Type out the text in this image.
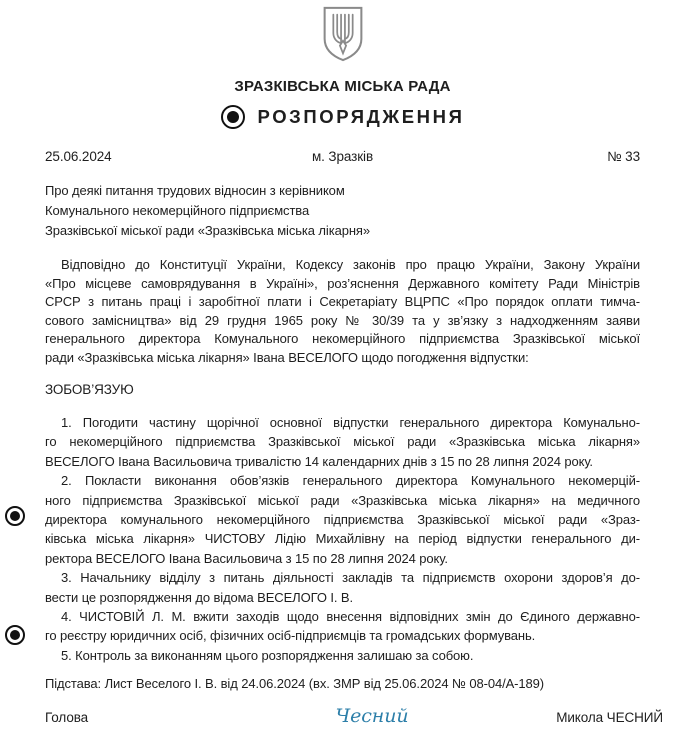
ЗРАЗКІВСЬКА МІСЬКА РАДА
РОЗПОРЯДЖЕННЯ
25.06.2024	м. Зразків	№ 33
Про деякі питання трудових відносин з керівником
Комунального некомерційного підприємства
Зразківської міської ради «Зразківська міська лікарня»
Відповідно до Конституції України, Кодексу законів про працю України, Закону України
«Про місцеве самоврядування в Україні», роз’яснення Державного комітету Ради Міністрів
СРСР з питань праці і заробітної плати і Секретаріату ВЦРПС «Про порядок оплати тимча-
сового замісництва» від 29 грудня 1965 року № 30/39 та у зв’язку з надходженням заяви
генерального директора Комунального некомерційного підприємства Зразківської міської
ради «Зразківська міська лікарня» Івана ВЕСЕЛОГО щодо погодження відпустки:
ЗОБОВ’ЯЗУЮ
1. Погодити частину щорічної основної відпустки генерального директора Комунально-
го некомерційного підприємства Зразківської міської ради «Зразківська міська лікарня»
ВЕСЕЛОГО Івана Васильовича тривалістю 14 календарних днів з 15 по 28 липня 2024 року.
2. Покласти виконання обов’язків генерального директора Комунального некомерцій-
ного підприємства Зразківської міської ради «Зразківська міська лікарня» на медичного
директора комунального некомерційного підприємства Зразківської міської ради «Зраз-
ківська міська лікарня» ЧИСТОВУ Лідію Михайлівну на період відпустки генерального ди-
ректора ВЕСЕЛОГО Івана Васильовича з 15 по 28 липня 2024 року.
3. Начальнику відділу з питань діяльності закладів та підприємств охорони здоров’я до-
вести це розпорядження до відома ВЕСЕЛОГО І. В.
4. ЧИСТОВІЙ Л. М. вжити заходів щодо внесення відповідних змін до Єдиного державно-
го реєстру юридичних осіб, фізичних осіб-підприємців та громадських формувань.
5. Контроль за виконанням цього розпорядження залишаю за собою.
Підстава: Лист Веселого І. В. від 24.06.2024 (вх. ЗМР від 25.06.2024 № 08-04/А-189)
Голова	Чесний	Микола ЧЕСНИЙ
